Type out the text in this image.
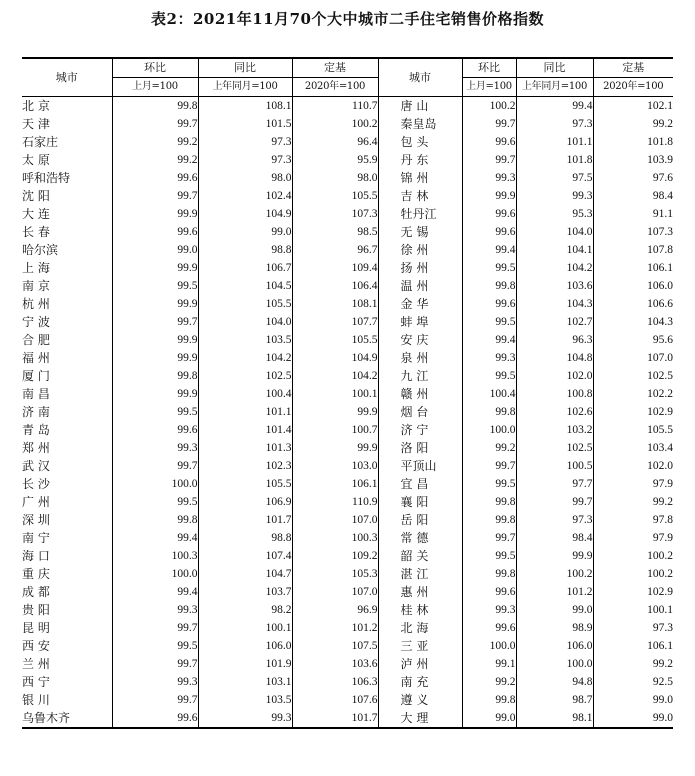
表2：2021年11月70个大中城市二手住宅销售价格指数
城市	环比	同比	定基	城市	环比	同比	定基
	上月=100	上年同月=100	2020年=100		上月=100	上年同月=100	2020年=100
北 京	99.8	108.1	110.7	唐 山	100.2	99.4	102.1
天 津	99.7	101.5	100.2	秦皇岛	99.7	97.3	99.2
石家庄	99.2	97.3	96.4	包 头	99.6	101.1	101.8
太 原	99.2	97.3	95.9	丹 东	99.7	101.8	103.9
呼和浩特	99.6	98.0	98.0	锦 州	99.3	97.5	97.6
沈 阳	99.7	102.4	105.5	吉 林	99.9	99.3	98.4
大 连	99.9	104.9	107.3	牡丹江	99.6	95.3	91.1
长 春	99.6	99.0	98.5	无 锡	99.6	104.0	107.3
哈尔滨	99.0	98.8	96.7	徐 州	99.4	104.1	107.8
上 海	99.9	106.7	109.4	扬 州	99.5	104.2	106.1
南 京	99.5	104.5	106.4	温 州	99.8	103.6	106.0
杭 州	99.9	105.5	108.1	金 华	99.6	104.3	106.6
宁 波	99.7	104.0	107.7	蚌 埠	99.5	102.7	104.3
合 肥	99.9	103.5	105.5	安 庆	99.4	96.3	95.6
福 州	99.9	104.2	104.9	泉 州	99.3	104.8	107.0
厦 门	99.8	102.5	104.2	九 江	99.5	102.0	102.5
南 昌	99.9	100.4	100.1	赣 州	100.4	100.8	102.2
济 南	99.5	101.1	99.9	烟 台	99.8	102.6	102.9
青 岛	99.6	101.4	100.7	济 宁	100.0	103.2	105.5
郑 州	99.3	101.3	99.9	洛 阳	99.2	102.5	103.4
武 汉	99.7	102.3	103.0	平顶山	99.7	100.5	102.0
长 沙	100.0	105.5	106.1	宜 昌	99.5	97.7	97.9
广 州	99.5	106.9	110.9	襄 阳	99.8	99.7	99.2
深 圳	99.8	101.7	107.0	岳 阳	99.8	97.3	97.8
南 宁	99.4	98.8	100.3	常 德	99.7	98.4	97.9
海 口	100.3	107.4	109.2	韶 关	99.5	99.9	100.2
重 庆	100.0	104.7	105.3	湛 江	99.8	100.2	100.2
成 都	99.4	103.7	107.0	惠 州	99.6	101.2	102.9
贵 阳	99.3	98.2	96.9	桂 林	99.3	99.0	100.1
昆 明	99.7	100.1	101.2	北 海	99.6	98.9	97.3
西 安	99.5	106.0	107.5	三 亚	100.0	106.0	106.1
兰 州	99.7	101.9	103.6	泸 州	99.1	100.0	99.2
西 宁	99.3	103.1	106.3	南 充	99.2	94.8	92.5
银 川	99.7	103.5	107.6	遵 义	99.8	98.7	99.0
乌鲁木齐	99.6	99.3	101.7	大 理	99.0	98.1	99.0
